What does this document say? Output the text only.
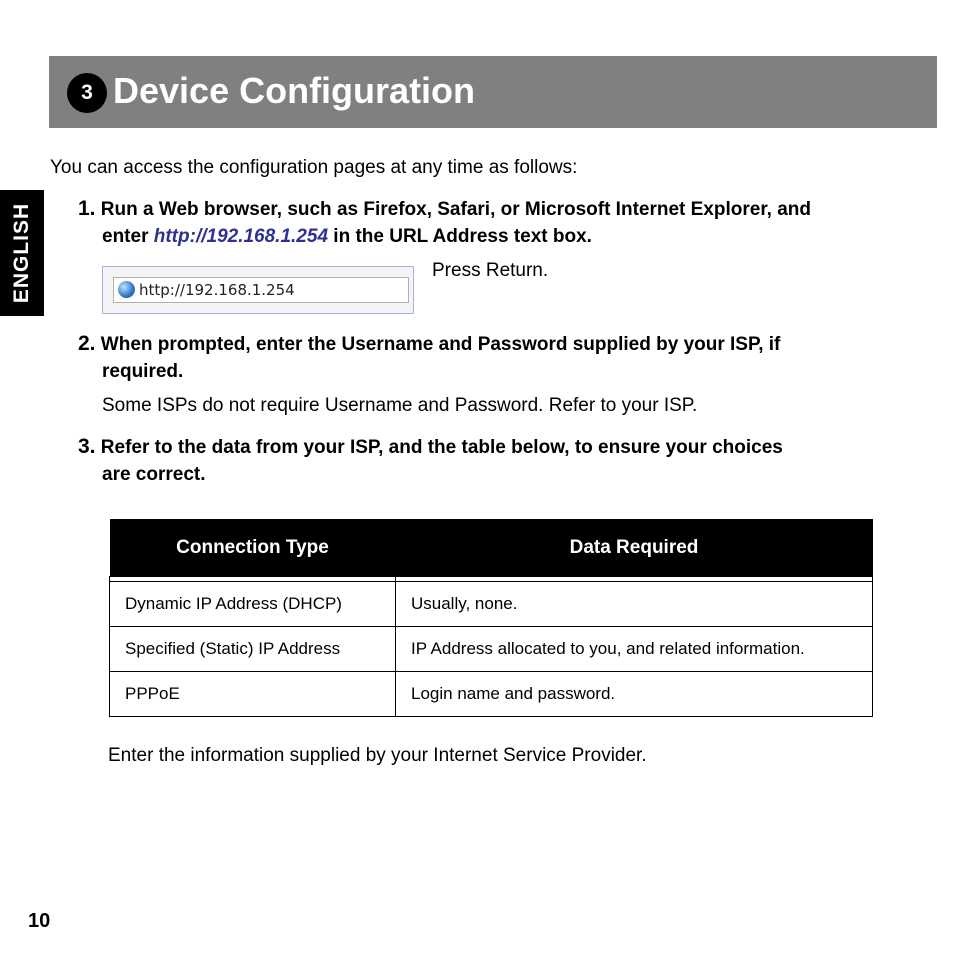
3 Device Configuration
ENGLISH
You can access the configuration pages at any time as follows:
1. Run a Web browser, such as Firefox, Safari, or Microsoft Internet Explorer, and
enter http://192.168.1.254 in the URL Address text box.
http://192.168.1.254
Press Return.
2. When prompted, enter the Username and Password supplied by your ISP, if
required.
Some ISPs do not require Username and Password. Refer to your ISP.
3. Refer to the data from your ISP, and the table below, to ensure your choices
are correct.
Connection Type	Data Required

Dynamic IP Address (DHCP)	Usually, none.
Specified (Static) IP Address	IP Address allocated to you, and related information.
PPPoE	Login name and password.
Enter the information supplied by your Internet Service Provider.
10
